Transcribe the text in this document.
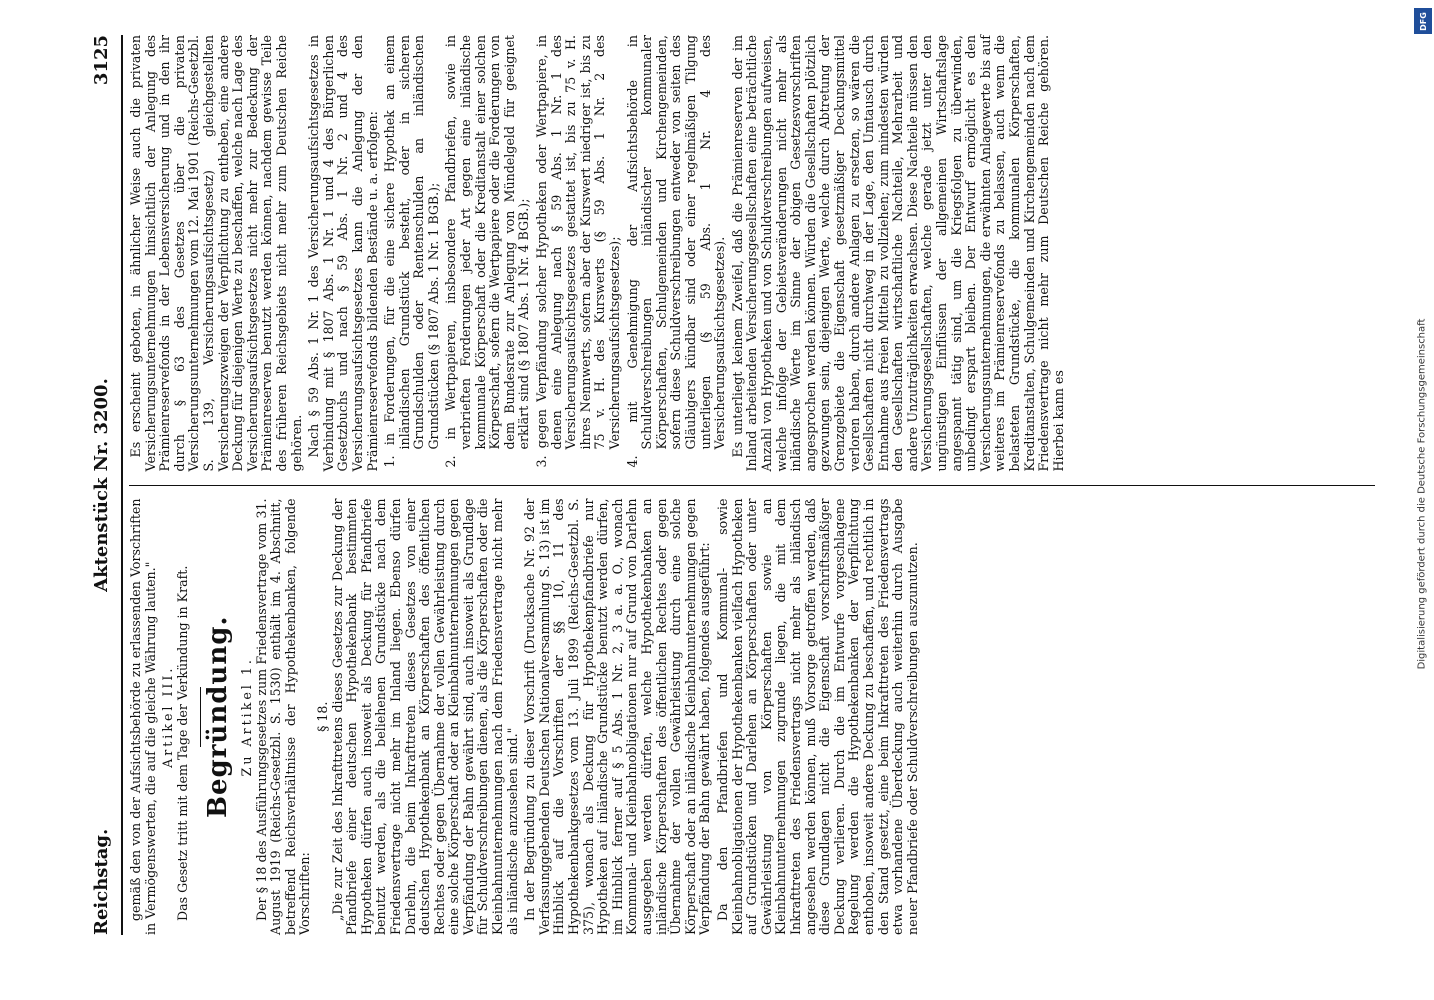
Reichstag.
Aktenstück Nr. 3200.
3125

gemäß den von der Aufsichtsbehörde zu erlassenden Vorschriften in Vermögenswerten, die auf die gleiche Währung lauten." Artikel III. Das Gesetz tritt mit dem Tage der Verkündung in Kraft. Begründung. Zu Artikel 1. Der § 18 des Ausführungsgesetzes zum Friedensvertrage vom 31. August 1919 (Reichs-Gesetzbl. S. 1530) enthält im 4. Abschnitt, betreffend Reichsverhältnisse der Hypothekenbanken, folgende Vorschriften:

§ 18. „Die zur Zeit des Inkrafttretens dieses Gesetzes zur Deckung der Pfandbriefe einer deutschen Hypothekenbank bestimmten Hypotheken dürfen auch insoweit als Deckung für Pfandbriefe benutzt werden, als die beliehenen Grundstücke nach dem Friedensvertrage nicht mehr im Inland liegen. Ebenso dürfen Darlehn, die beim Inkrafttreten dieses Gesetzes von einer deutschen Hypothekenbank an Körperschaften des öffentlichen Rechtes oder gegen Übernahme der vollen Gewährleistung durch eine solche Körperschaft oder an Kleinbahnunternehmungen gegen Verpfändung der Bahn gewährt sind, auch insoweit als Grundlage für Schuldverschreibungen dienen, als die Körperschaften oder die Kleinbahnunternehmungen nach dem Friedensvertrage nicht mehr als inländische anzusehen sind." In der Begründung zu dieser Vorschrift (Drucksache Nr. 92 der Verfassunggebenden Deutschen Nationalversammlung S. 13) ist im Hinblick auf die Vorschriften der §§ 10, 11 des Hypothekenbankgesetzes vom 13. Juli 1899 (Reichs-Gesetzbl. S. 375), wonach als Deckung für Hypothekenpfandbriefe nur Hypotheken auf inländische Grundstücke benutzt werden dürfen, im Hinblick ferner auf § 5 Abs. 1 Nr. 2, 3 a. a. O., wonach Kommunal- und Kleinbahnobligationen nur auf Grund von Darlehn ausgegeben werden dürfen, welche Hypothekenbanken an inländische Körperschaften des öffentlichen Rechtes oder gegen Übernahme der vollen Gewährleistung durch eine solche Körperschaft oder an inländische Kleinbahnunternehmungen gegen Verpfändung der Bahn gewährt haben, folgendes ausgeführt: Da den Pfandbriefen und Kommunal- sowie Kleinbahnobligationen der Hypothekenbanken vielfach Hypotheken auf Grundstücken und Darlehen an Körperschaften oder unter Gewährleistung von Körperschaften sowie an Kleinbahnunternehmungen zugrunde liegen, die mit dem Inkrafttreten des Friedensvertrags nicht mehr als inländisch angesehen werden können, muß Vorsorge getroffen werden, daß diese Grundlagen nicht die Eigenschaft vorschriftsmäßiger Deckung verlieren. Durch die im Entwurfe vorgeschlagene Regelung werden die Hypothekenbanken der Verpflichtung enthoben, insoweit andere Deckung zu beschaffen, und rechtlich in den Stand gesetzt, eine beim Inkrafttreten des Friedensvertrags etwa vorhandene Überdeckung auch weiterhin durch Ausgabe neuer Pfandbriefe oder Schuldverschreibungen auszunutzen.

Es erscheint geboten, in ähnlicher Weise auch die privaten Versicherungsunternehmungen hinsichtlich der Anlegung des Prämienreservefonds in der Lebensversicherung und in den ihr durch § 63 des Gesetzes über die privaten Versicherungsunternehmungen vom 12. Mai 1901 (Reichs-Gesetzbl. S. 139, Versicherungsaufsichtsgesetz) gleichgestellten Versicherungszweigen der Verpflichtung zu entheben, eine andere Deckung für diejenigen Werte zu beschaffen, welche nach Lage des Versicherungsaufsichtsgesetzes nicht mehr zur Bedeckung der Prämienreserven benutzt werden können, nachdem gewisse Teile des früheren Reichsgebiets nicht mehr zum Deutschen Reiche gehören. Nach § 59 Abs. 1 Nr. 1 des Versicherungsaufsichtsgesetzes in Verbindung mit § 1807 Abs. 1 Nr. 1 und 4 des Bürgerlichen Gesetzbuchs und nach § 59 Abs. 1 Nr. 2 und 4 des Versicherungsaufsichtsgesetzes kann die Anlegung der den Prämienreservefonds bildenden Bestände u. a. erfolgen: 1. in Forderungen, für die eine sichere Hypothek an einem inländischen Grundstück besteht, oder in sicheren Grundschulden oder Rentenschulden an inländischen Grundstücken (§ 1807 Abs. 1 Nr. 1 BGB.); 2. in Wertpapieren, insbesondere Pfandbriefen, sowie in verbrieften Forderungen jeder Art gegen eine inländische kommunale Körperschaft oder die Kreditanstalt einer solchen Körperschaft, sofern die Wertpapiere oder die Forderungen von dem Bundesrate zur Anlegung von Mündelgeld für geeignet erklärt sind (§ 1807 Abs. 1 Nr. 4 BGB.); 3. gegen Verpfändung solcher Hypotheken oder Wertpapiere, in denen eine Anlegung nach § 59 Abs. 1 Nr. 1 des Versicherungsaufsichtsgesetzes gestattet ist, bis zu 75 v. H. ihres Nennwerts, sofern aber der Kurswert niedriger ist, bis zu 75 v. H. des Kurswerts (§ 59 Abs. 1 Nr. 2 des Versicherungsaufsichtsgesetzes); 4. mit Genehmigung der Aufsichtsbehörde in Schuldverschreibungen inländischer kommunaler Körperschaften, Schulgemeinden und Kirchengemeinden, sofern diese Schuldverschreibungen entweder von seiten des Gläubigers kündbar sind oder einer regelmäßigen Tilgung unterliegen (§ 59 Abs. 1 Nr. 4 des Versicherungsaufsichtsgesetzes). Es unterliegt keinem Zweifel, daß die Prämienreserven der im Inland arbeitenden Versicherungsgesellschaften eine beträchtliche Anzahl von Hypotheken und von Schuldverschreibungen aufweisen, welche infolge der Gebietsveränderungen nicht mehr als inländische Werte im Sinne der obigen Gesetzesvorschriften angesprochen werden können. Würden die Gesellschaften plötzlich gezwungen sein, diejenigen Werte, welche durch Abtretung der Grenzgebiete die Eigenschaft gesetzmäßiger Deckungsmittel verloren haben, durch andere Anlagen zu ersetzen, so wären die Gesellschaften nicht durchweg in der Lage, den Umtausch durch Entnahme aus freien Mitteln zu vollziehen; zum mindesten würden den Gesellschaften wirtschaftliche Nachteile, Mehrarbeit und andere Unzuträglichkeiten erwachsen. Diese Nachteile müssen den Versicherungsgesellschaften, welche gerade jetzt unter den ungünstigen Einflüssen der allgemeinen Wirtschaftslage angespannt tätig sind, um die Kriegsfolgen zu überwinden, unbedingt erspart bleiben. Der Entwurf ermöglicht es den Versicherungsunternehmungen, die erwähnten Anlagewerte bis auf weiteres im Prämienreservefonds zu belassen, auch wenn die belasteten Grundstücke, die kommunalen Körperschaften, Kreditanstalten, Schulgemeinden und Kirchengemeinden nach dem Friedensvertrage nicht mehr zum Deutschen Reiche gehören. Hierbei kann es	Digitalisierung gefördert durch die Deutsche Forschungsgemeinschaft
DFG
